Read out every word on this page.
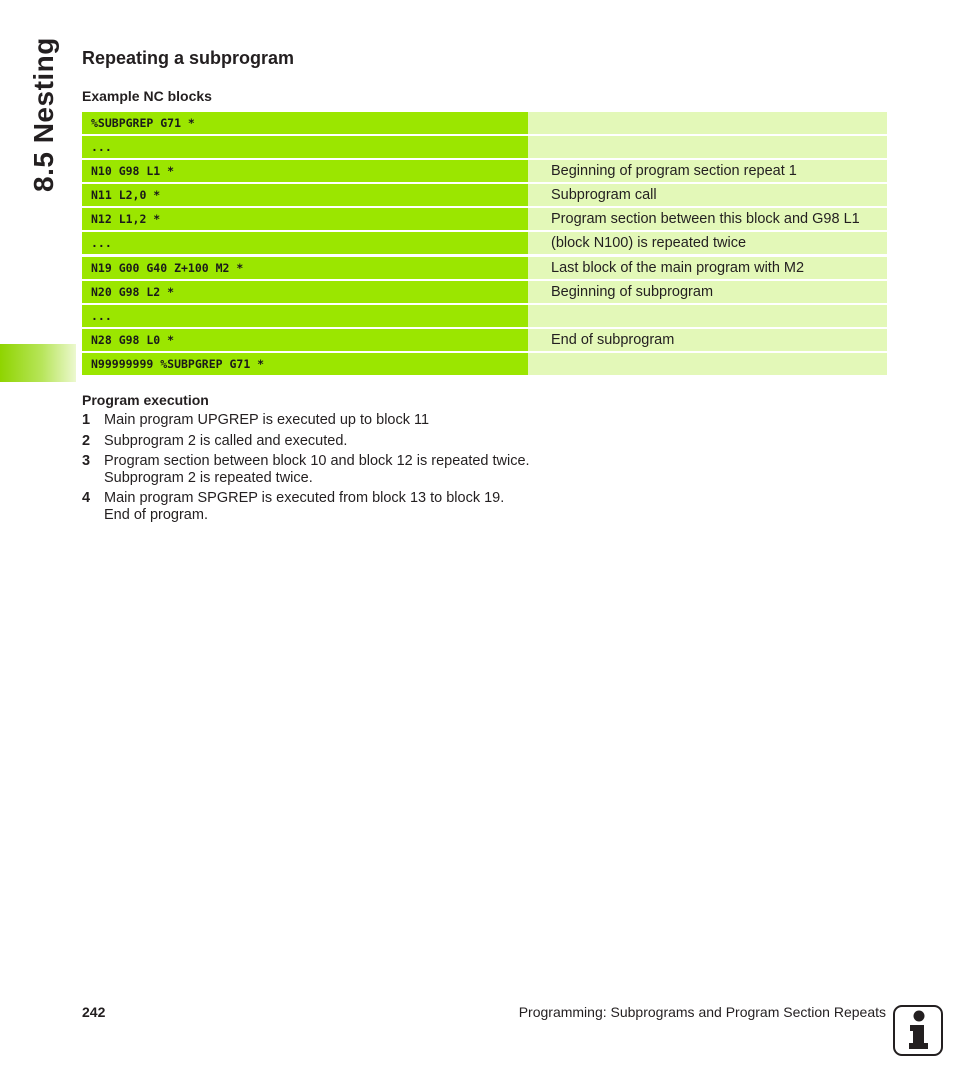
8.5 Nesting Repeating a subprogram
Example NC blocks
%SUBPGREP G71 *
...
N10 G98 L1 *	Beginning of program section repeat 1
N11 L2,0 *	Subprogram call
N12 L1,2 *	Program section between this block and G98 L1
...	(block N100) is repeated twice
N19 G00 G40 Z+100 M2 *	Last block of the main program with M2
N20 G98 L2 *	Beginning of subprogram
...
N28 G98 L0 *	End of subprogram
N99999999 %SUBPGREP G71 *
Program execution
1 Main program UPGREP is executed up to block 11
2 Subprogram 2 is called and executed.
3 Program section between block 10 and block 12 is repeated twice. Subprogram 2 is repeated twice.
4 Main program SPGREP is executed from block 13 to block 19. End of program.
242	Programming: Subprograms and Program Section Repeats
